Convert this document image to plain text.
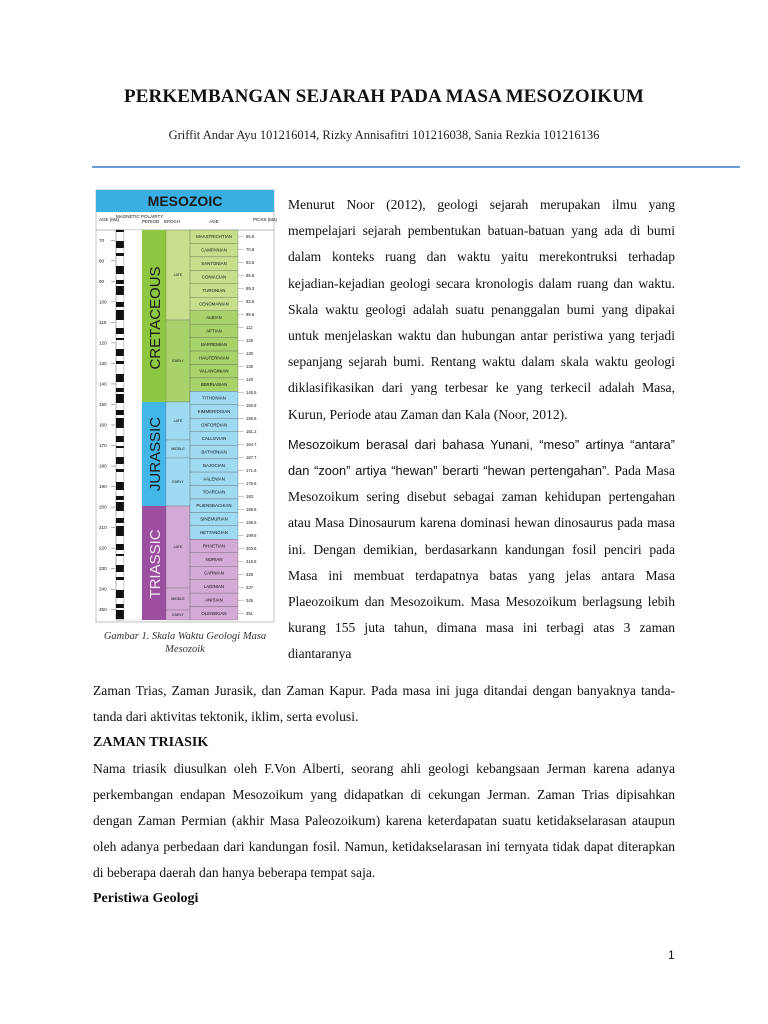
PERKEMBANGAN SEJARAH PADA MASA MESOZOIKUM
Griffit Andar Ayu 101216014, Rizky Annisafitri 101216038, Sania Rezkia 101216136
MESOZOIC
AGE (Ma)
MAGNETIC POLARITY
PERIOD EPOCH	AGE	PICKS (Ma)
70
80
90
100
110
120
130
140
150
160
170
180
190
200
210
220
230
240
250
CRETACEOUS
JURASSIC
TRIASSIC
LATE
EARLY
LATE
MIDDLE
EARLY
LATE
MIDDLE
EARLY
MAASTRICHTIAN
CAMPANIAN
SANTONIAN
CONIACIAN
TURONIAN
CENOMANIAN
ALBIAN
APTIAN
BARREMIAN
HAUTERIVIAN
VALANGINIAN
BERRIASIAN
TITHONIAN
KIMMERIDGIAN
OXFORDIAN
CALLOVIAN
BATHONIAN
BAJOCIAN
AALENIAN
TOARCIAN
PLIENSBACHIAN
SINEMURIAN
HETTANGIAN
RHAETIAN
NORIAN
CARNIAN
LADINIAN
ANISIAN
OLENEKIAN
65.5
70.6
83.5
85.8
89.3
93.5
99.6
112
125
130
136
140
145.5
150.8
155.6
161.2
164.7
167.7
171.6
175.6
183
189.6
196.5
199.6
203.6
216.5
228
237
245
251
Gambar 1. Skala Waktu Geologi Masa Mesozoik

Menurut Noor (2012), geologi sejarah merupakan ilmu yang mempelajari sejarah pembentukan batuan-batuan yang ada di bumi dalam konteks ruang dan waktu yaitu merekontruksi terhadap kejadian-kejadian geologi secara kronologis dalam ruang dan waktu. Skala waktu geologi adalah suatu penanggalan bumi yang dipakai untuk menjelaskan waktu dan hubungan antar peristiwa yang terjadi sepanjang sejarah bumi. Rentang waktu dalam skala waktu geologi diklasifikasikan dari yang terbesar ke yang terkecil adalah Masa, Kurun, Periode atau Zaman dan Kala (Noor, 2012).

Mesozoikum berasal dari bahasa Yunani, “meso” artinya “antara” dan “zoon” artiya “hewan” berarti “hewan pertengahan”. Pada Masa Mesozoikum sering disebut sebagai zaman kehidupan pertengahan atau Masa Dinosaurum karena dominasi hewan dinosaurus pada masa ini. Dengan demikian, berdasarkann kandungan fosil penciri pada Masa ini membuat terdapatnya batas yang jelas antara Masa Plaeozoikum dan Mesozoikum. Masa Mesozoikum berlagsung lebih kurang 155 juta tahun, dimana masa ini terbagi atas 3 zaman diantaranya

Zaman Trias, Zaman Jurasik, dan Zaman Kapur. Pada masa ini juga ditandai dengan banyaknya tanda-tanda dari aktivitas tektonik, iklim, serta evolusi.

ZAMAN TRIASIK

Nama triasik diusulkan oleh F.Von Alberti, seorang ahli geologi kebangsaan Jerman karena adanya perkembangan endapan Mesozoikum yang didapatkan di cekungan Jerman. Zaman Trias dipisahkan dengan Zaman Permian (akhir Masa Paleozoikum) karena keterdapatan suatu ketidakselarasan ataupun oleh adanya perbedaan dari kandungan fosil. Namun, ketidakselarasan ini ternyata tidak dapat diterapkan di beberapa daerah dan hanya beberapa tempat saja.

Peristiwa Geologi

1
